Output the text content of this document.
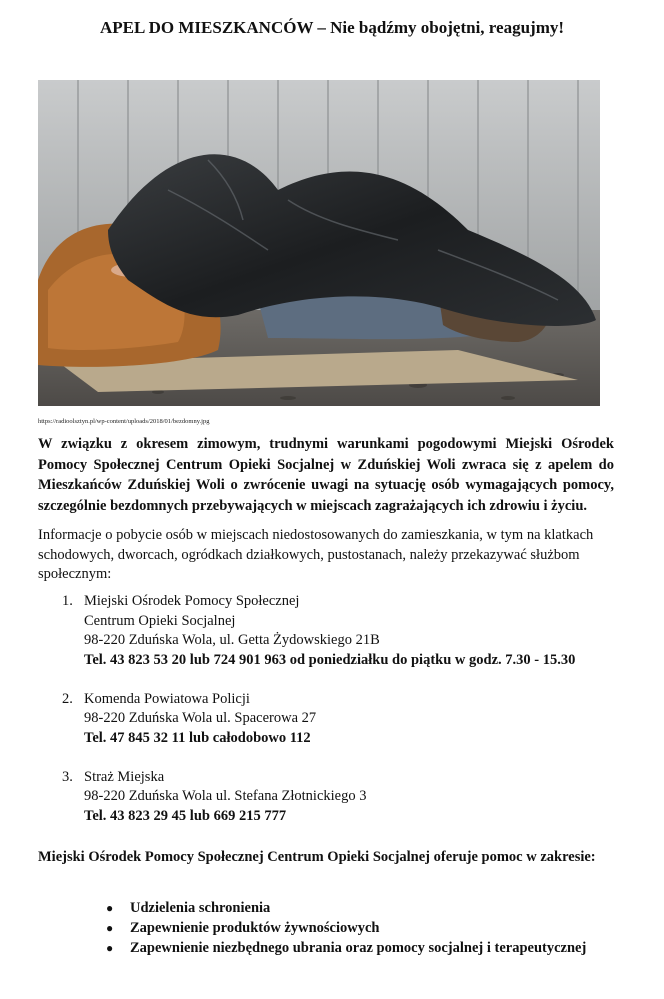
APEL DO MIESZKANCÓW – Nie bądźmy obojętni, reagujmy!
https://radioolsztyn.pl/wp-content/uploads/2018/01/bezdomny.jpg
W związku z okresem zimowym, trudnymi warunkami pogodowymi Miejski Ośrodek Pomocy Społecznej Centrum Opieki Socjalnej w Zduńskiej Woli zwraca się z apelem do Mieszkańców Zduńskiej Woli o zwrócenie uwagi na sytuację osób wymagających pomocy, szczególnie bezdomnych przebywających w miejscach zagrażających ich zdrowiu i życiu.
Informacje o pobycie osób w miejscach niedostosowanych do zamieszkania, w tym na klatkach schodowych, dworcach, ogródkach działkowych, pustostanach, należy przekazywać służbom społecznym:
1. Miejski Ośrodek Pomocy Społecznej
Centrum Opieki Socjalnej
98-220 Zduńska Wola, ul. Getta Żydowskiego 21B
Tel. 43 823 53 20 lub 724 901 963 od poniedziałku do piątku w godz. 7.30 - 15.30
2. Komenda Powiatowa Policji
98-220 Zduńska Wola ul. Spacerowa 27
Tel. 47 845 32 11 lub całodobowo 112
3. Straż Miejska
98-220 Zduńska Wola ul. Stefana Złotnickiego 3
Tel. 43 823 29 45 lub 669 215 777
Miejski Ośrodek Pomocy Społecznej Centrum Opieki Socjalnej oferuje pomoc w zakresie:
●	Udzielenia schronienia
●	Zapewnienie produktów żywnościowych
●	Zapewnienie niezbędnego ubrania oraz pomocy socjalnej i terapeutycznej
